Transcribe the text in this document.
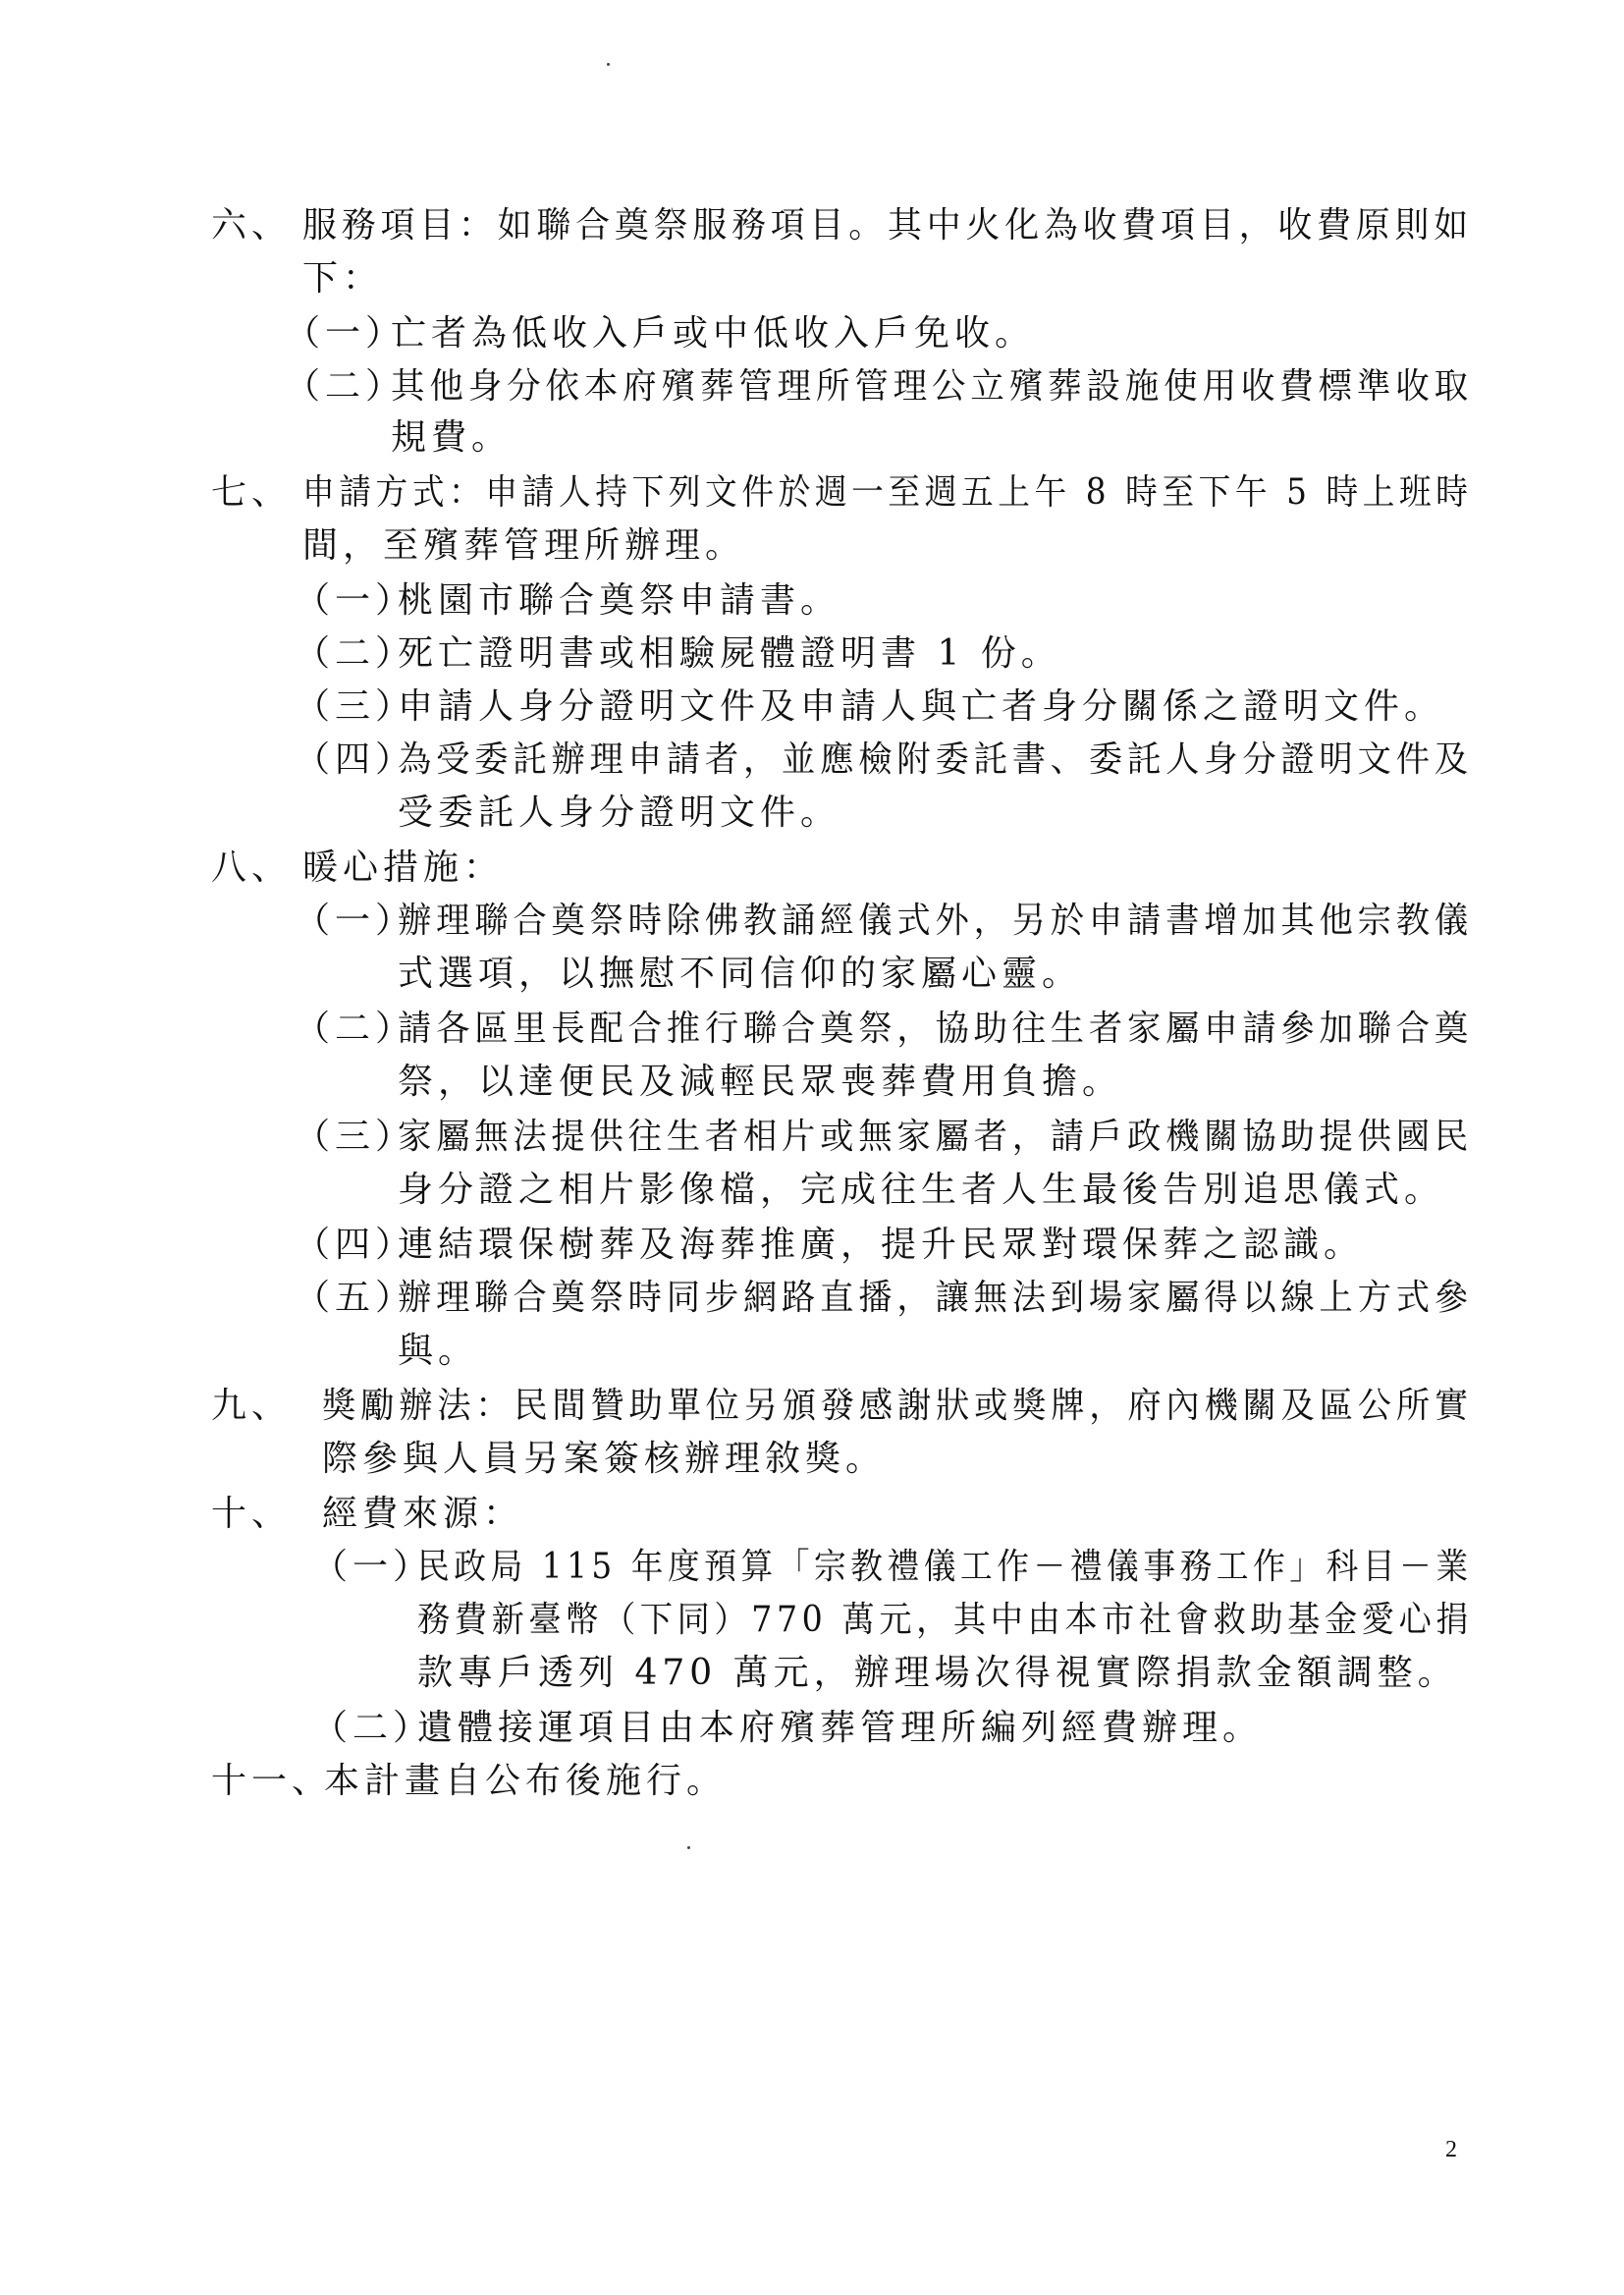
六、 服務項目：如聯合奠祭服務項目。其中火化為收費項目，收費原則如
下：
（一）
亡者為低收入戶或中低收入戶免收。
（二）
其他身分依本府殯葬管理所管理公立殯葬設施使用收費標準收取
規費。
七、 申請方式：申請人持下列文件於週一至週五上午 8 時至下午 5 時上班時
間，至殯葬管理所辦理。
（一）
桃園市聯合奠祭申請書。
（二）
死亡證明書或相驗屍體證明書 1 份。
（三）
申請人身分證明文件及申請人與亡者身分關係之證明文件。
（四）
為受委託辦理申請者，並應檢附委託書、委託人身分證明文件及
受委託人身分證明文件。
八、 暖心措施：
（一）
辦理聯合奠祭時除佛教誦經儀式外，另於申請書增加其他宗教儀
式選項，以撫慰不同信仰的家屬心靈。
（二）
請各區里長配合推行聯合奠祭，協助往生者家屬申請參加聯合奠
祭，以達便民及減輕民眾喪葬費用負擔。
（三）
家屬無法提供往生者相片或無家屬者，請戶政機關協助提供國民
身分證之相片影像檔，完成往生者人生最後告別追思儀式。
（四）
連結環保樹葬及海葬推廣，提升民眾對環保葬之認識。
（五）
辦理聯合奠祭時同步網路直播，讓無法到場家屬得以線上方式參
與。
九、 獎勵辦法：民間贊助單位另頒發感謝狀或獎牌，府內機關及區公所實
際參與人員另案簽核辦理敘獎。
十、 經費來源：
（一）
民政局 115 年度預算「宗教禮儀工作－禮儀事務工作」科目－業
務費新臺幣（下同）770 萬元，其中由本市社會救助基金愛心捐
款專戶透列 470 萬元，辦理場次得視實際捐款金額調整。
（二）
遺體接運項目由本府殯葬管理所編列經費辦理。
十一、
本計畫自公布後施行。
2
